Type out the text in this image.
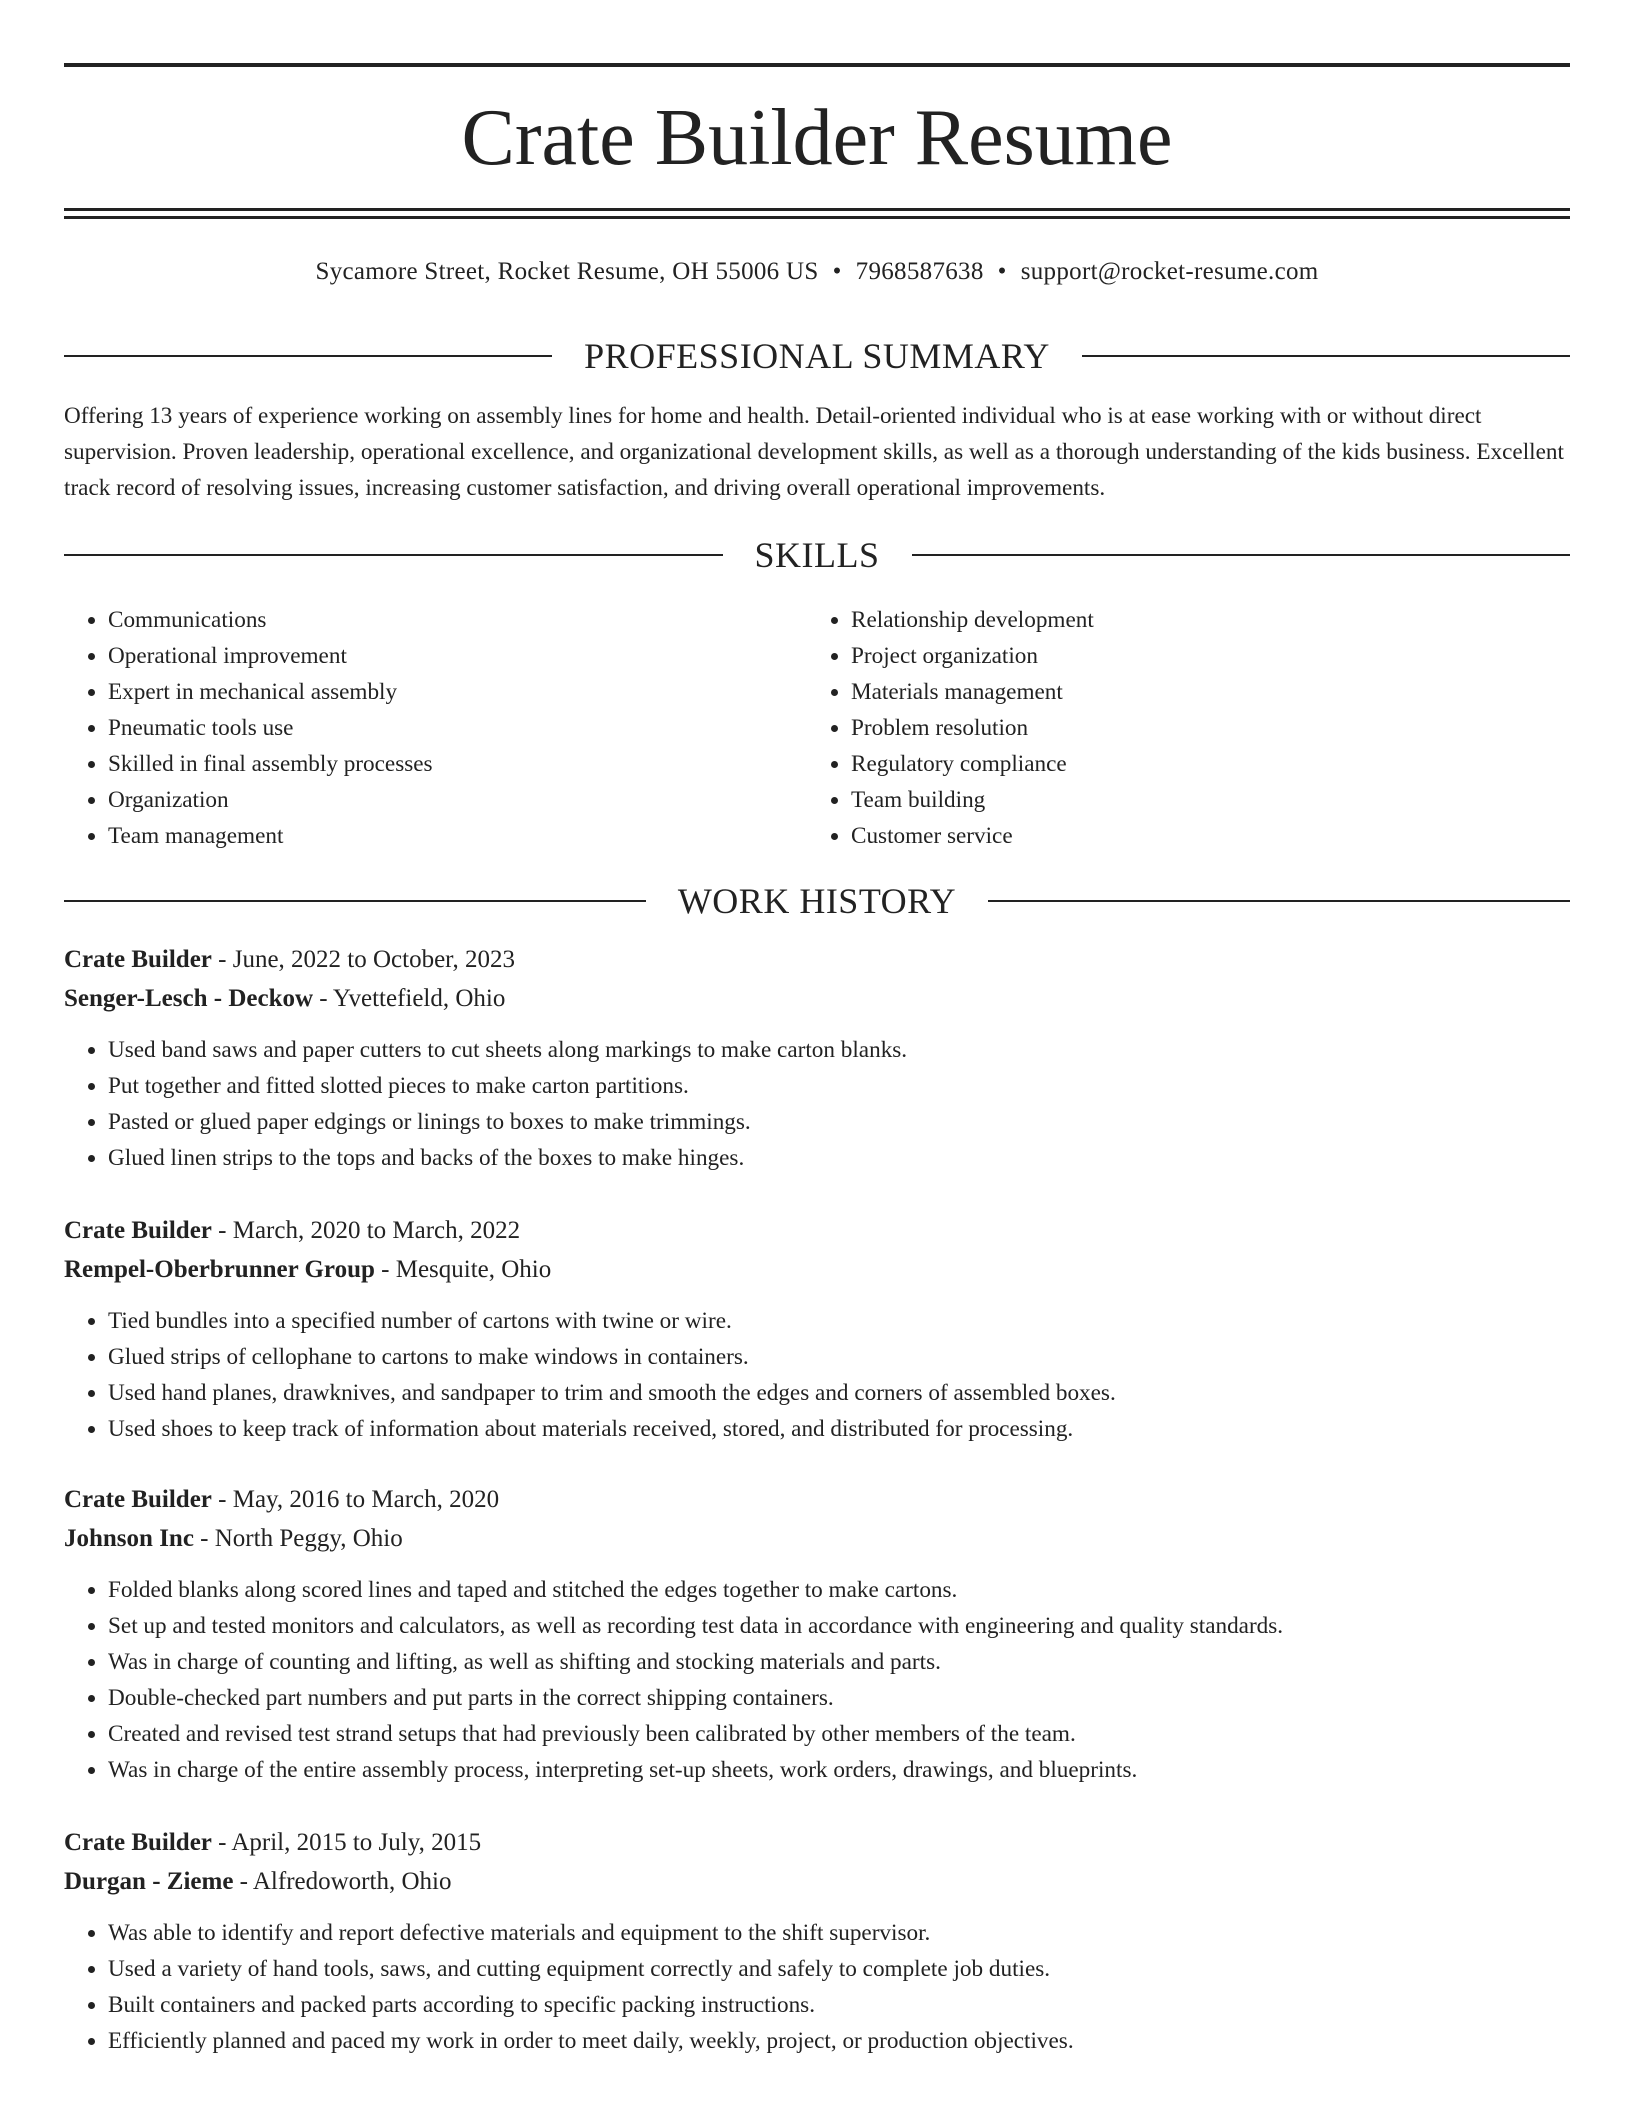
Crate Builder Resume
Sycamore Street, Rocket Resume, OH 55006 US • 7968587638 • support@rocket-resume.com
PROFESSIONAL SUMMARY

Offering 13 years of experience working on assembly lines for home and health. Detail-oriented individual who is at ease working with or without direct supervision. Proven leadership, operational excellence, and organizational development skills, as well as a thorough understanding of the kids business. Excellent track record of resolving issues, increasing customer satisfaction, and driving overall operational improvements.

SKILLS
• Communications
• Operational improvement
• Expert in mechanical assembly
• Pneumatic tools use
• Skilled in final assembly processes
• Organization
• Team management
• Relationship development
• Project organization
• Materials management
• Problem resolution
• Regulatory compliance
• Team building
• Customer service
WORK HISTORY
Crate Builder - June, 2022 to October, 2023
Senger-Lesch - Deckow - Yvettefield, Ohio
• Used band saws and paper cutters to cut sheets along markings to make carton blanks.
• Put together and fitted slotted pieces to make carton partitions.
• Pasted or glued paper edgings or linings to boxes to make trimmings.
• Glued linen strips to the tops and backs of the boxes to make hinges.
Crate Builder - March, 2020 to March, 2022
Rempel-Oberbrunner Group - Mesquite, Ohio
• Tied bundles into a specified number of cartons with twine or wire.
• Glued strips of cellophane to cartons to make windows in containers.
• Used hand planes, drawknives, and sandpaper to trim and smooth the edges and corners of assembled boxes.
• Used shoes to keep track of information about materials received, stored, and distributed for processing.
Crate Builder - May, 2016 to March, 2020
Johnson Inc - North Peggy, Ohio
• Folded blanks along scored lines and taped and stitched the edges together to make cartons.
• Set up and tested monitors and calculators, as well as recording test data in accordance with engineering and quality standards.
• Was in charge of counting and lifting, as well as shifting and stocking materials and parts.
• Double-checked part numbers and put parts in the correct shipping containers.
• Created and revised test strand setups that had previously been calibrated by other members of the team.
• Was in charge of the entire assembly process, interpreting set-up sheets, work orders, drawings, and blueprints.
Crate Builder - April, 2015 to July, 2015
Durgan - Zieme - Alfredoworth, Ohio
• Was able to identify and report defective materials and equipment to the shift supervisor.
• Used a variety of hand tools, saws, and cutting equipment correctly and safely to complete job duties.
• Built containers and packed parts according to specific packing instructions.
• Efficiently planned and paced my work in order to meet daily, weekly, project, or production objectives.
